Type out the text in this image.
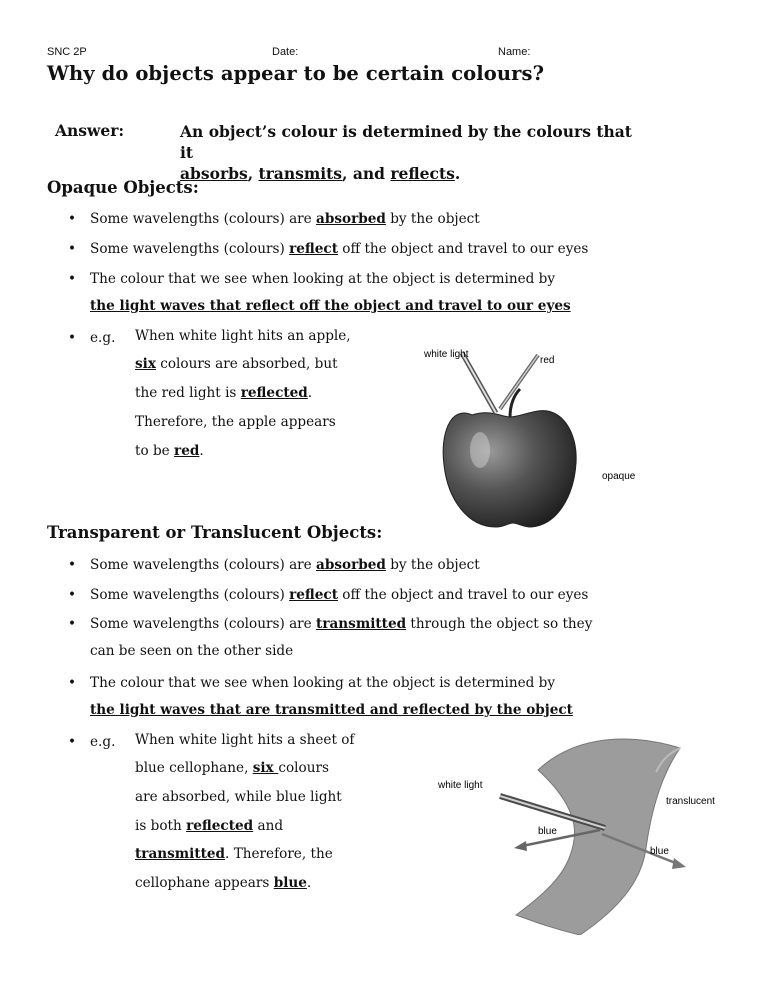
SNC 2P	Date:	Name:
Why do objects appear to be certain colours?
Answer:	An object’s colour is determined by the colours that it
absorbs, transmits, and reflects.
Opaque Objects:
• Some wavelengths (colours) are absorbed by the object
• Some wavelengths (colours) reflect off the object and travel to our eyes
• The colour that we see when looking at the object is determined by
the light waves that reflect off the object and travel to our eyes
• e.g. When white light hits an apple,
six colours are absorbed, but
the red light is reflected.
Therefore, the apple appears
to be red.
white light
red
opaque
Transparent or Translucent Objects:
• Some wavelengths (colours) are absorbed by the object
• Some wavelengths (colours) reflect off the object and travel to our eyes
• Some wavelengths (colours) are transmitted through the object so they
can be seen on the other side
• The colour that we see when looking at the object is determined by
the light waves that are transmitted and reflected by the object
• e.g. When white light hits a sheet of
blue cellophane, six colours
are absorbed, while blue light
is both reflected and
transmitted. Therefore, the
cellophane appears blue.
white light
translucent
blue
blue
